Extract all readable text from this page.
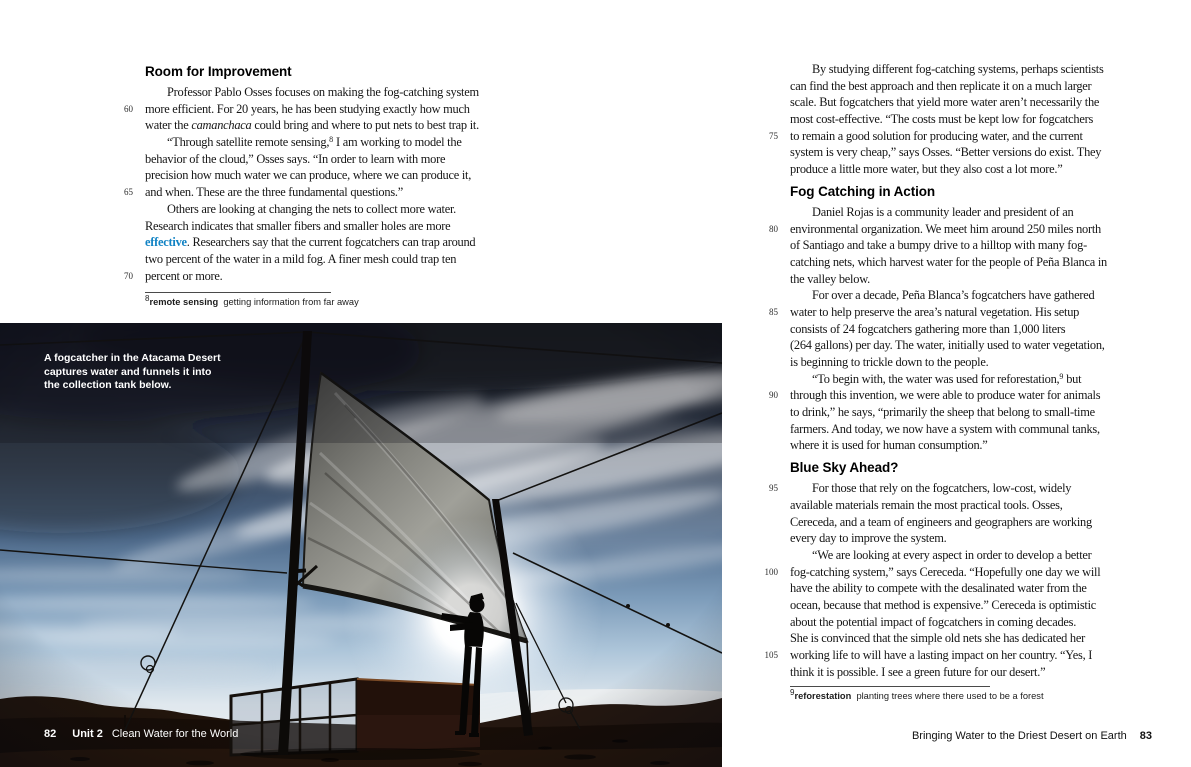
Room for Improvement
Professor Pablo Osses focuses on making the fog-catching system
60 more efficient. For 20 years, he has been studying exactly how much
water the camanchaca could bring and where to put nets to best trap it.
“Through satellite remote sensing,$^8$ I am working to model the
behavior of the cloud,” Osses says. “In order to learn with more
precision how much water we can produce, where we can produce it,
65 and when. These are the three fundamental questions.”
Others are looking at changing the nets to collect more water.
Research indicates that smaller fibers and smaller holes are more
effective. Researchers say that the current fogcatchers can trap around
two percent of the water in a mild fog. A finer mesh could trap ten
70 percent or more.
$^8$remote sensing  getting information from far away
By studying different fog-catching systems, perhaps scientists
can find the best approach and then replicate it on a much larger
scale. But fogcatchers that yield more water aren’t necessarily the
most cost-effective. “The costs must be kept low for fogcatchers
75 to remain a good solution for producing water, and the current
system is very cheap,” says Osses. “Better versions do exist. They
produce a little more water, but they also cost a lot more.”
Fog Catching in Action
Daniel Rojas is a community leader and president of an
80 environmental organization. We meet him around 250 miles north
of Santiago and take a bumpy drive to a hilltop with many fog-
catching nets, which harvest water for the people of Peña Blanca in
the valley below.
For over a decade, Peña Blanca’s fogcatchers have gathered
85 water to help preserve the area’s natural vegetation. His setup
consists of 24 fogcatchers gathering more than 1,000 liters
(264 gallons) per day. The water, initially used to water vegetation,
is beginning to trickle down to the people.
“To begin with, the water was used for reforestation,$^9$ but
90 through this invention, we were able to produce water for animals
to drink,” he says, “primarily the sheep that belong to small-time
farmers. And today, we now have a system with communal tanks,
where it is used for human consumption.”
Blue Sky Ahead?
95	For those that rely on the fogcatchers, low-cost, widely
available materials remain the most practical tools. Osses,
Cereceda, and a team of engineers and geographers are working
every day to improve the system.
“We are looking at every aspect in order to develop a better
100 fog-catching system,” says Cereceda. “Hopefully one day we will
have the ability to compete with the desalinated water from the
ocean, because that method is expensive.” Cereceda is optimistic
about the potential impact of fogcatchers in coming decades.
She is convinced that the simple old nets she has dedicated her
105 working life to will have a lasting impact on her country. “Yes, I
think it is possible. I see a green future for our desert.”
$^9$reforestation  planting trees where there used to be a forest
A fogcatcher in the Atacama Desert
captures water and funnels it into
the collection tank below.
82 Unit 2 Clean Water for the World	Bringing Water to the Driest Desert on Earth 83
